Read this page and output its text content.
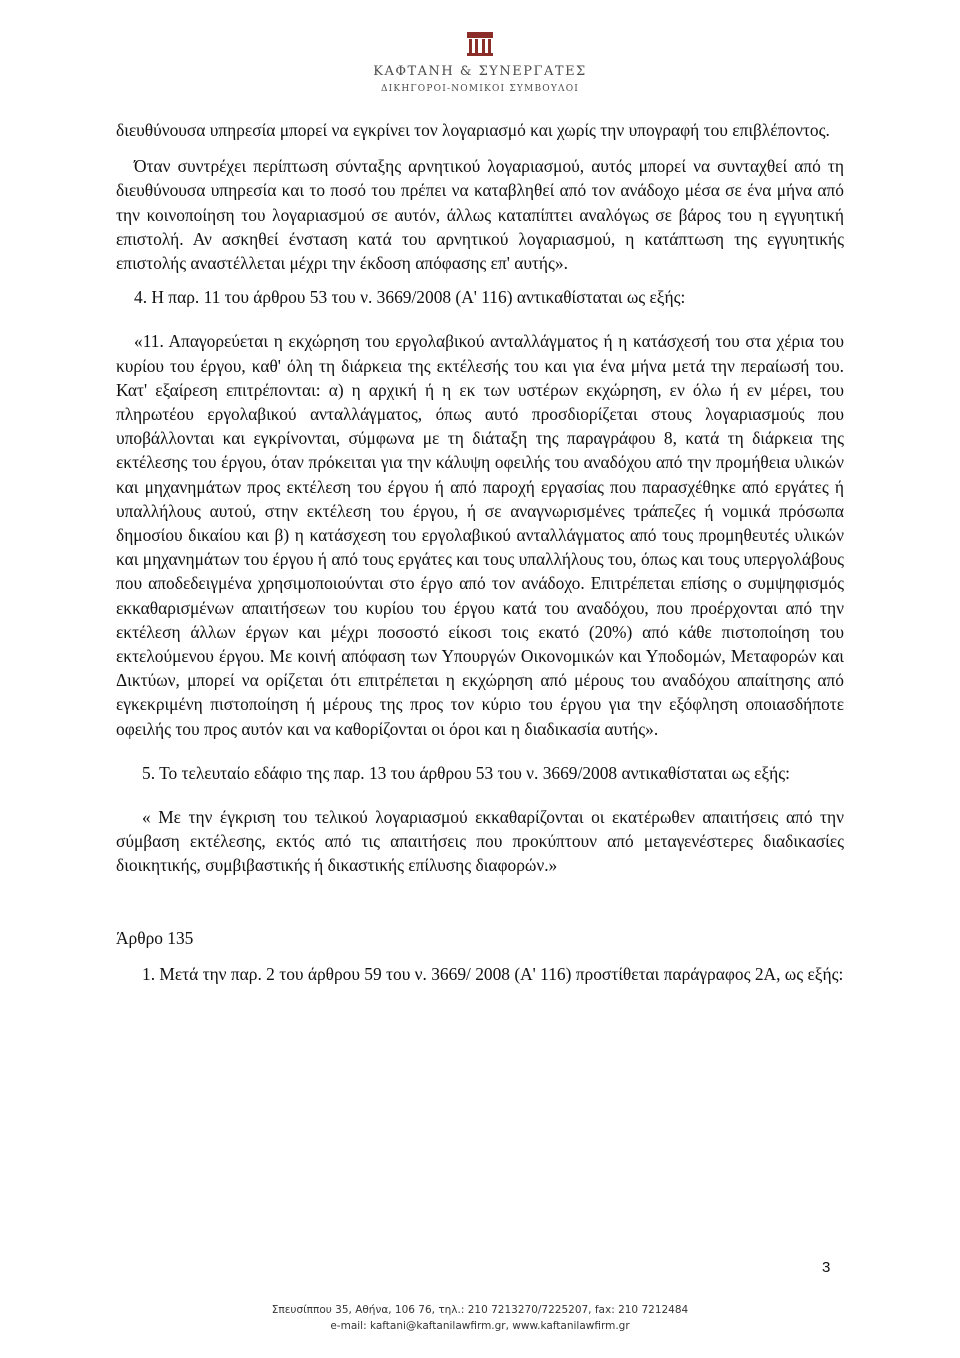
ΚΑΦΤΑΝΗ & ΣΥΝΕΡΓΑΤΕΣ
ΔΙΚΗΓΟΡΟΙ-ΝΟΜΙΚΟΙ ΣΥΜΒΟΥΛΟΙ

διευθύνουσα υπηρεσία μπορεί να εγκρίνει τον λογαριασμό και χωρίς την υπογραφή του επιβλέποντος.

Όταν συντρέχει περίπτωση σύνταξης αρνητικού λογαριασμού, αυτός μπορεί να συνταχθεί από τη διευθύνουσα υπηρεσία και το ποσό του πρέπει να καταβληθεί από τον ανάδοχο μέσα σε ένα μήνα από την κοινοποίηση του λογαριασμού σε αυτόν, άλλως καταπίπτει αναλόγως σε βάρος του η εγγυητική επιστολή. Αν ασκηθεί ένσταση κατά του αρνητικού λογαριασμού, η κατάπτωση της εγγυητικής επιστολής αναστέλλεται μέχρι την έκδοση απόφασης επ' αυτής».

4. Η παρ. 11 του άρθρου 53 του ν. 3669/2008 (Α' 116) αντικαθίσταται ως εξής:

«11. Απαγορεύεται η εκχώρηση του εργολαβικού ανταλλάγματος ή η κατάσχεσή του στα χέρια του κυρίου του έργου, καθ' όλη τη διάρκεια της εκτέλεσής του και για ένα μήνα μετά την περαίωσή του. Κατ' εξαίρεση επιτρέπονται: α) η αρχική ή η εκ των υστέρων εκχώρηση, εν όλω ή εν μέρει, του πληρωτέου εργολαβικού ανταλλάγματος, όπως αυτό προσδιορίζεται στους λογαριασμούς που υποβάλλονται και εγκρίνονται, σύμφωνα με τη διάταξη της παραγράφου 8, κατά τη διάρκεια της εκτέλεσης του έργου, όταν πρόκειται για την κάλυψη οφειλής του αναδόχου από την προμήθεια υλικών και μηχανημάτων προς εκτέλεση του έργου ή από παροχή εργασίας που παρασχέθηκε από εργάτες ή υπαλλήλους αυτού, στην εκτέλεση του έργου, ή σε αναγνωρισμένες τράπεζες ή νομικά πρόσωπα δημοσίου δικαίου και β) η κατάσχεση του εργολαβικού ανταλλάγματος από τους προμηθευτές υλικών και μηχανημάτων του έργου ή από τους εργάτες και τους υπαλλήλους του, όπως και τους υπεργολάβους που αποδεδειγμένα χρησιμοποιούνται στο έργο από τον ανάδοχο. Επιτρέπεται επίσης ο συμψηφισμός εκκαθαρισμένων απαιτήσεων του κυρίου του έργου κατά του αναδόχου, που προέρχονται από την εκτέλεση άλλων έργων και μέχρι ποσοστό είκοσι τοις εκατό (20%) από κάθε πιστοποίηση του εκτελούμενου έργου. Με κοινή απόφαση των Υπουργών Οικονομικών και Υποδομών, Μεταφορών και Δικτύων, μπορεί να ορίζεται ότι επιτρέπεται η εκχώρηση από μέρους του αναδόχου απαίτησης από εγκεκριμένη πιστοποίηση ή μέρους της προς τον κύριο του έργου για την εξόφληση οποιασδήποτε οφειλής του προς αυτόν και να καθορίζονται οι όροι και η διαδικασία αυτής».

5. Το τελευταίο εδάφιο της παρ. 13 του άρθρου 53 του ν. 3669/2008 αντικαθίσταται ως εξής:

« Με την έγκριση του τελικού λογαριασμού εκκαθαρίζονται οι εκατέρωθεν απαιτήσεις από την σύμβαση εκτέλεσης, εκτός από τις απαιτήσεις που προκύπτουν από μεταγενέστερες διαδικασίες διοικητικής, συμβιβαστικής ή δικαστικής επίλυσης διαφορών.»

Άρθρο 135

1. Μετά την παρ. 2 του άρθρου 59 του ν. 3669/ 2008 (Α' 116) προστίθεται παράγραφος 2Α, ως εξής:

3
Σπευσίππου 35, Αθήνα, 106 76, τηλ.: 210 7213270/7225207, fax: 210 7212484
e-mail: kaftani@kaftanilawfirm.gr, www.kaftanilawfirm.gr
